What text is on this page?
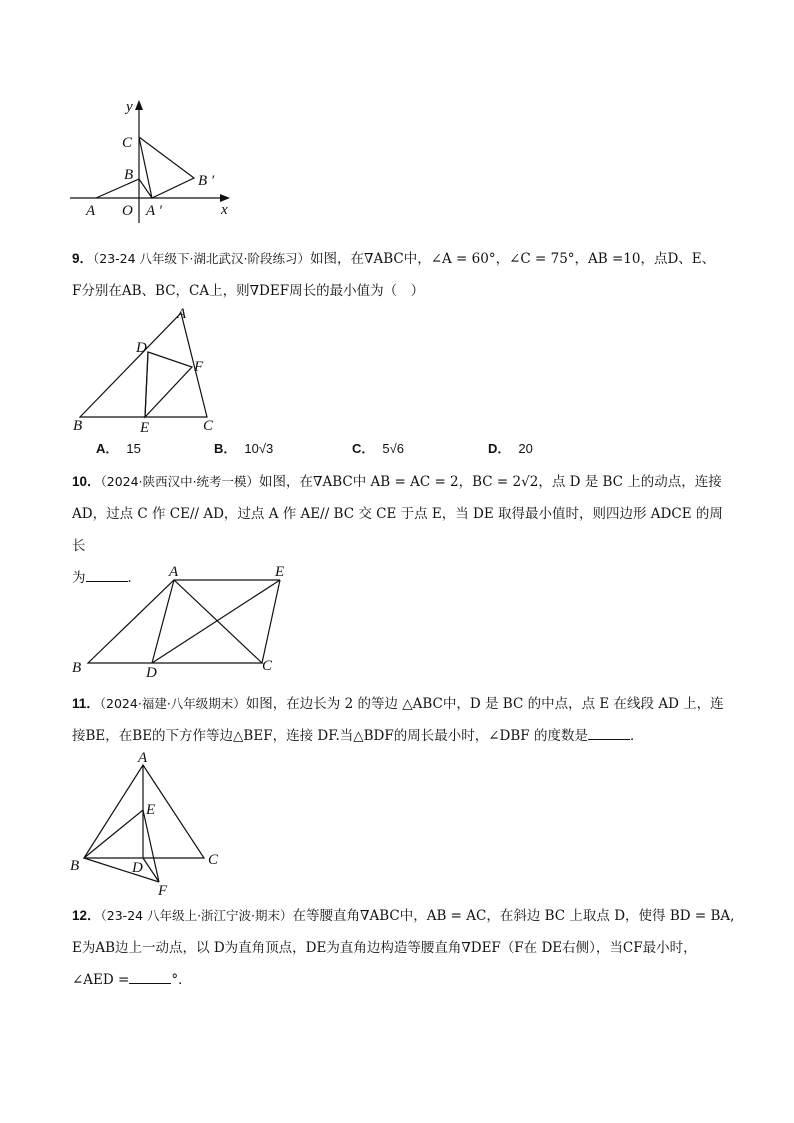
y
x
C
B	B ′
A O A ′
9．（23-24 八年级下·湖北武汉·阶段练习）如图，在∇ABC中，∠A = 60°，∠C = 75°，AB =10，点D、E、
F分别在AB、BC，CA上，则∇DEF周长的最小值为（　）
A
D
F
B	E	C
A． 15	B． 10√3	C． 5√6	D． 20
10．（2024·陕西汉中·统考一模）如图，在∇ABC中 AB = AC = 2，BC = 2√2，点 D 是 BC 上的动点，连接
AD，过点 C 作 CE// AD，过点 A 作 AE// BC 交 CE 于点 E，当 DE 取得最小值时，则四边形 ADCE 的周长
为	．	A	E
B	D	C
11．（2024·福建·八年级期末）如图，在边长为 2 的等边 △ABC中，D 是 BC 的中点，点 E 在线段 AD 上，连
接BE，在BE的下方作等边△BEF，连接 DF.当△BDF的周长最小时，∠DBF 的度数是	．
A
E
B	D	C
F
12．（23-24 八年级上·浙江宁波·期末）在等腰直角∇ABC中，AB = AC，在斜边 BC 上取点 D，使得 BD = BA,
E为AB边上一动点，以 D为直角顶点，DE为直角边构造等腰直角∇DEF（F在 DE右侧），当CF最小时，
∠AED =	°．
